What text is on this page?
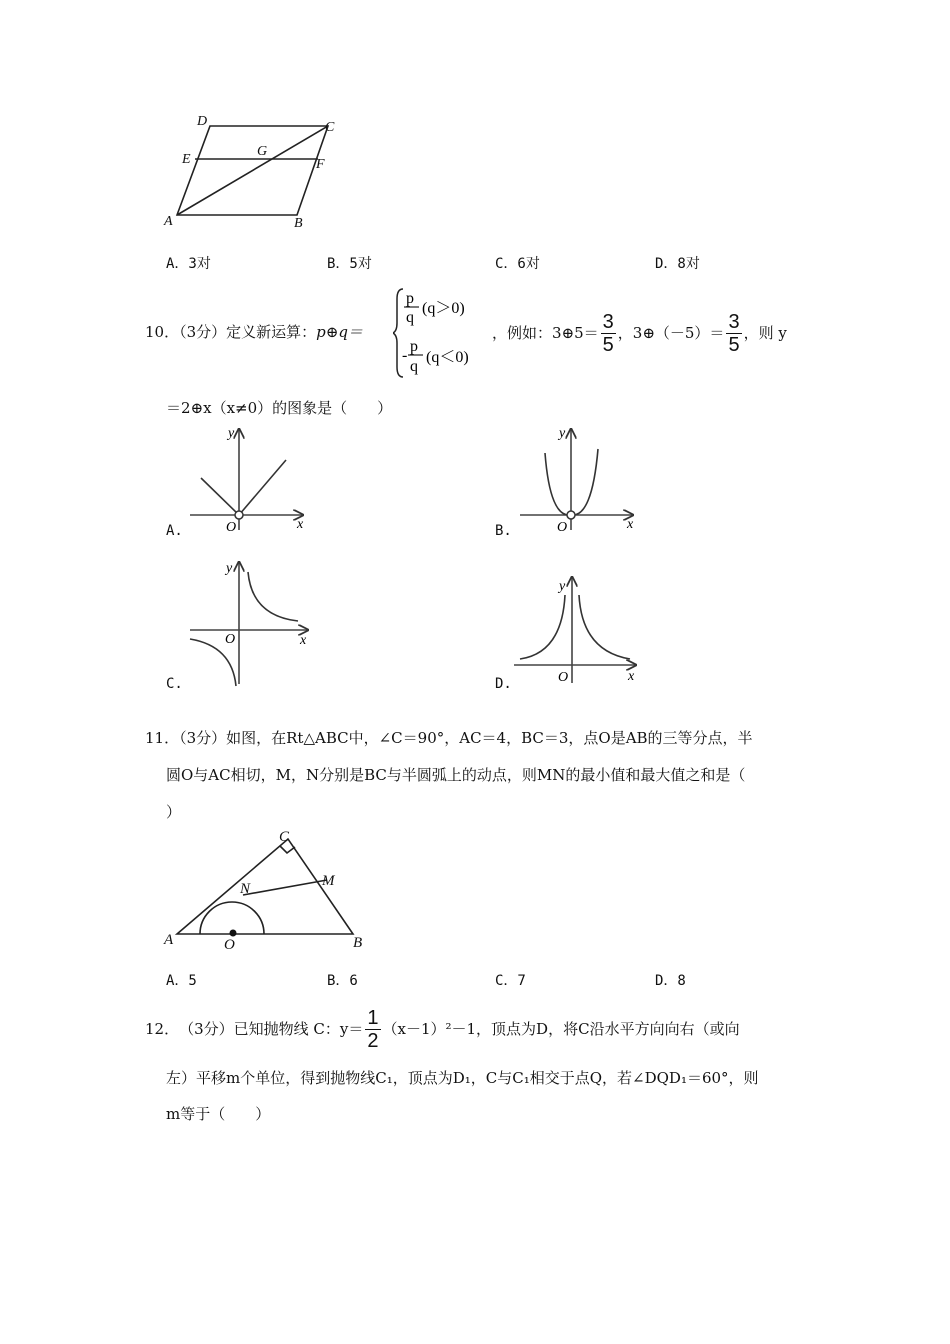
D	C
E
G
F
A	B
A．3对	B．5对	C．6对	D．8对
10．（3分）定义新运算：p⊕q＝
p
q
(q＞0)
-
p
q
(q＜0)
，例如：3⊕5＝ $\frac{3}{5}$ ，3⊕（－5）＝ $\frac{3}{5}$ ，则 y
＝2⊕x（x≠0）的图象是（　　）
y
x
O
A.
y
x
O
B.
y
x
O
C.
y
x
O
D.
11．（3分）如图，在Rt△ABC中，∠C＝90°，AC＝4，BC＝3，点O是AB的三等分点，半
圆O与AC相切，M，N分别是BC与半圆弧上的动点，则MN的最小值和最大值之和是（
）
C
M
N
A	O	B
A．5	B．6	C．7	D．8
12． （3分） 已知抛物线 C：$y= \frac{1}{2} (x-1)^2-1$，顶点为D，将C沿水平方向向右（或向
左）平移m个单位，得到抛物线C₁，顶点为D₁，C与C₁相交于点Q，若∠DQD₁＝60°，则
m等于（　　）
